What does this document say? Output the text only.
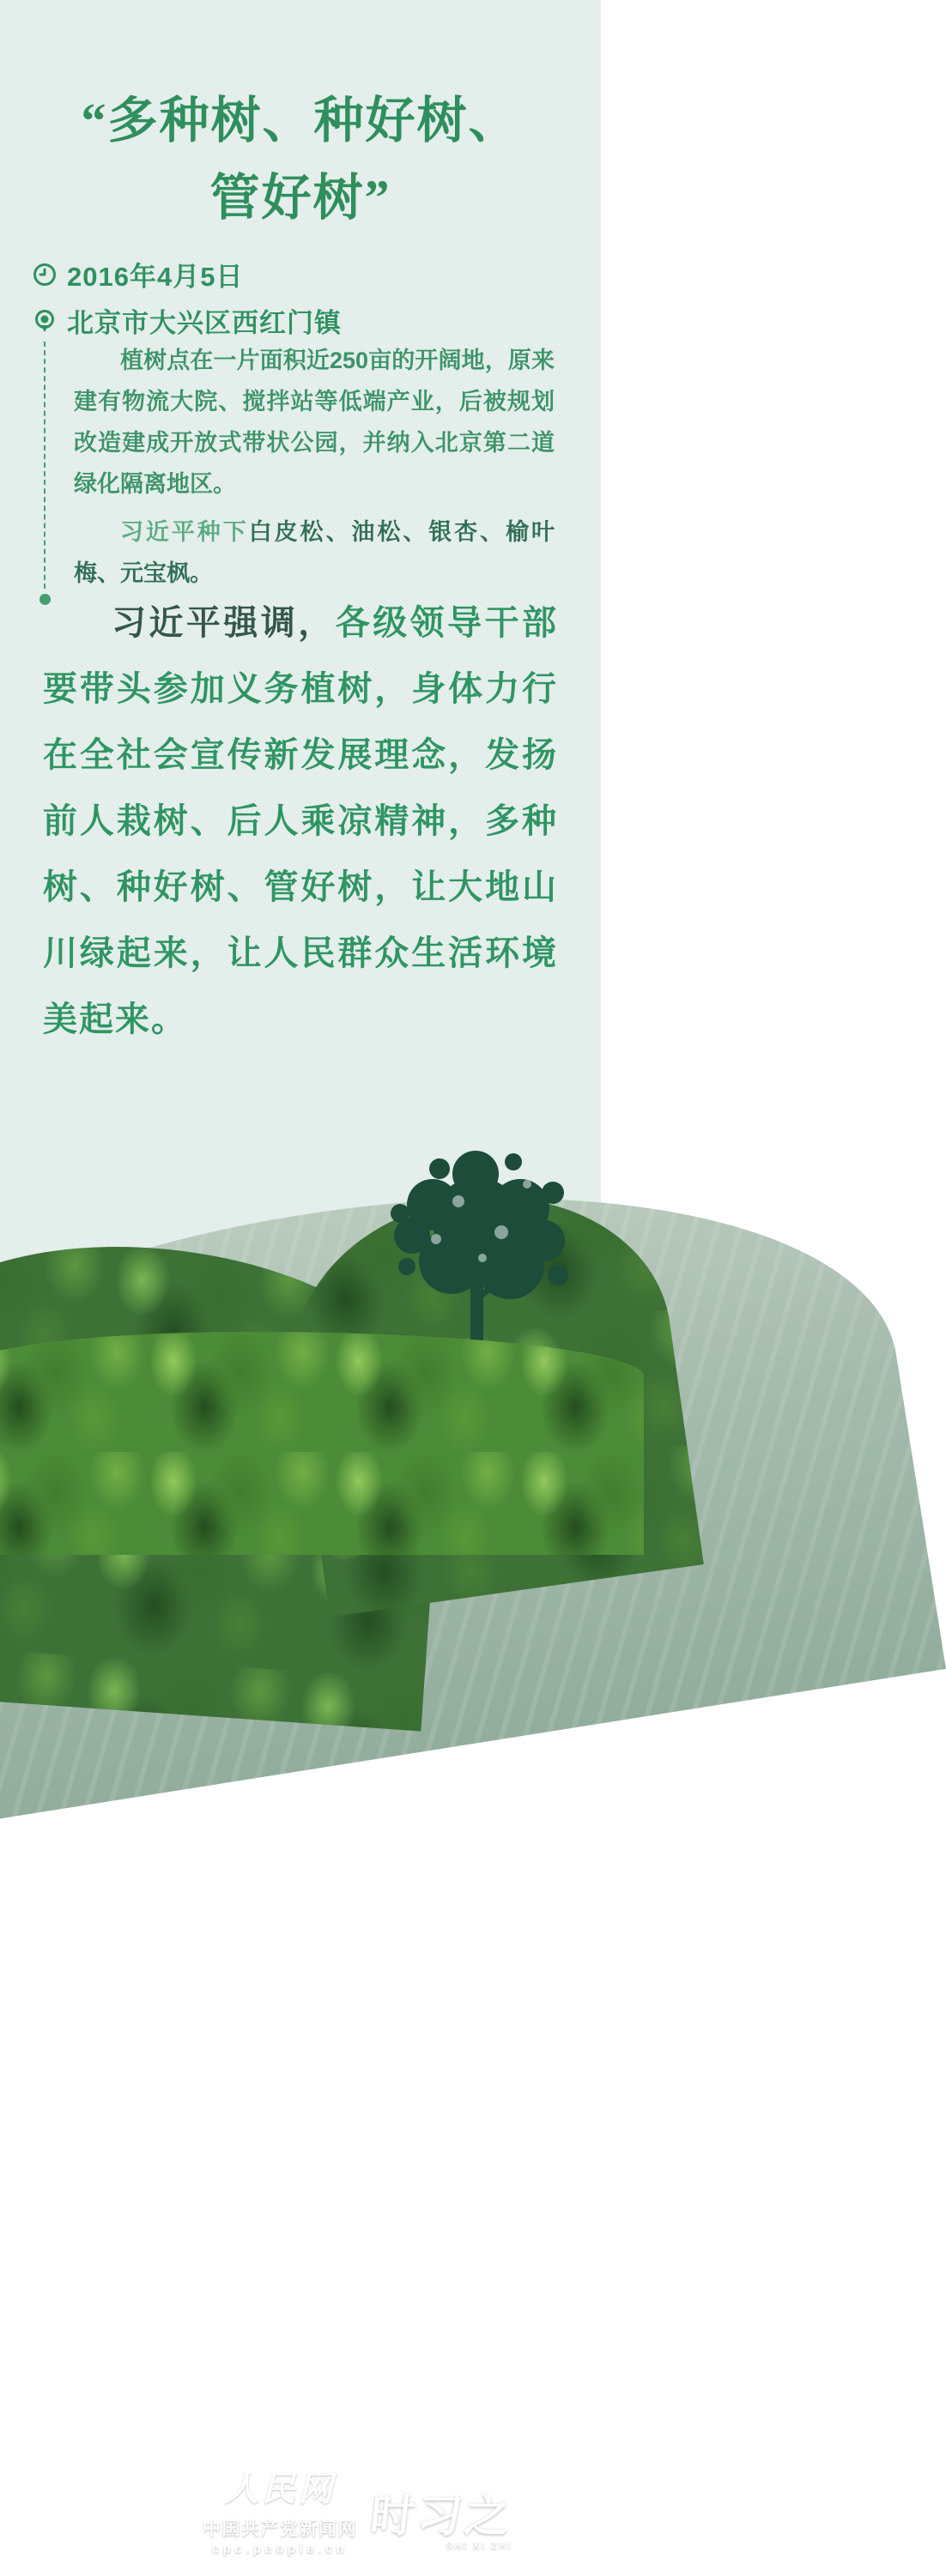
“多种树、种好树、
管好树”
2016年4月5日
北京市大兴区西红门镇

植树点在一片面积近250亩的开阔地，原来建有物流大院、搅拌站等低端产业，后被规划改造建成开放式带状公园，并纳入北京第二道绿化隔离地区。

习近平种下白皮松、油松、银杏、榆叶梅、元宝枫。

习近平强调，各级领导干部要带头参加义务植树，身体力行在全社会宣传新发展理念，发扬前人栽树、后人乘凉精神，多种树、种好树、管好树，让大地山川绿起来，让人民群众生活环境美起来。
人民网
中国共产党新闻网
cpc.people.cn
时习之
SHI XI ZHI
